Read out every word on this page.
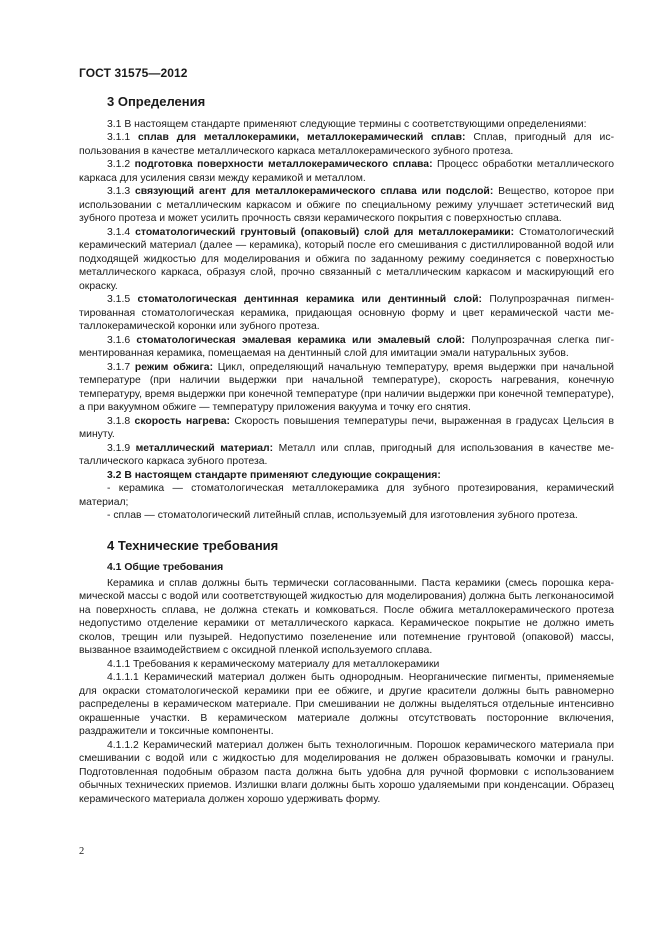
ГОСТ 31575—2012
3 Определения

3.1 В настоящем стандарте применяют следующие термины с соответствующими определениями:

3.1.1 сплав для металлокерамики, металлокерамический сплав: Сплав, пригодный для использования в качестве металлического каркаса металлокерамического зубного протеза.

3.1.2 подготовка поверхности металлокерамического сплава: Процесс обработки металлического каркаса для усиления связи между керамикой и металлом.

3.1.3 связующий агент для металлокерамического сплава или подслой: Вещество, которое при использовании с металлическим каркасом и обжиге по специальному режиму улучшает эстетический вид зубного протеза и может усилить прочность связи керамического покрытия с поверхностью сплава.

3.1.4 стоматологический грунтовый (опаковый) слой для металлокерамики: Стоматологический керамический материал (далее — керамика), который после его смешивания с дистиллированной водой или подходящей жидкостью для моделирования и обжига по заданному режиму соединяется с поверхностью металлического каркаса, образуя слой, прочно связанный с металлическим каркасом и маскирующий его окраску.

3.1.5 стоматологическая дентинная керамика или дентинный слой: Полупрозрачная пигментированная стоматологическая керамика, придающая основную форму и цвет керамической части металлокерамической коронки или зубного протеза.

3.1.6 стоматологическая эмалевая керамика или эмалевый слой: Полупрозрачная слегка пигментированная керамика, помещаемая на дентинный слой для имитации эмали натуральных зубов.

3.1.7 режим обжига: Цикл, определяющий начальную температуру, время выдержки при начальной температуре (при наличии выдержки при начальной температуре), скорость нагревания, конечную температуру, время выдержки при конечной температуре (при наличии выдержки при конечной температуре), а при вакуумном обжиге — температуру приложения вакуума и точку его снятия.

3.1.8 скорость нагрева: Скорость повышения температуры печи, выраженная в градусах Цельсия в минуту.

3.1.9 металлический материал: Металл или сплав, пригодный для использования в качестве металлического каркаса зубного протеза.

3.2 В настоящем стандарте применяют следующие сокращения:

- керамика — стоматологическая металлокерамика для зубного протезирования, керамический материал;
- сплав — стоматологический литейный сплав, используемый для изготовления зубного протеза.
4 Технические требования
4.1 Общие требования

Керамика и сплав должны быть термически согласованными. Паста керамики (смесь порошка керамической массы с водой или соответствующей жидкостью для моделирования) должна быть легконаносимой на поверхность сплава, не должна стекать и комковаться. После обжига металлокерамического протеза недопустимо отделение керамики от металлического каркаса. Керамическое покрытие не должно иметь сколов, трещин или пузырей. Недопустимо позеленение или потемнение грунтовой (опаковой) массы, вызванное взаимодействием с оксидной пленкой используемого сплава.

4.1.1 Требования к керамическому материалу для металлокерамики

4.1.1.1 Керамический материал должен быть однородным. Неорганические пигменты, применяемые для окраски стоматологической керамики при ее обжиге, и другие красители должны быть равномерно распределены в керамическом материале. При смешивании не должны выделяться отдельные интенсивно окрашенные участки. В керамическом материале должны отсутствовать посторонние включения, раздражители и токсичные компоненты.

4.1.1.2 Керамический материал должен быть технологичным. Порошок керамического материала при смешивании с водой или с жидкостью для моделирования не должен образовывать комочки и гранулы. Подготовленная подобным образом паста должна быть удобна для ручной формовки с использованием обычных технических приемов. Излишки влаги должны быть хорошо удаляемыми при конденсации. Образец керамического материала должен хорошо удерживать форму.

2
